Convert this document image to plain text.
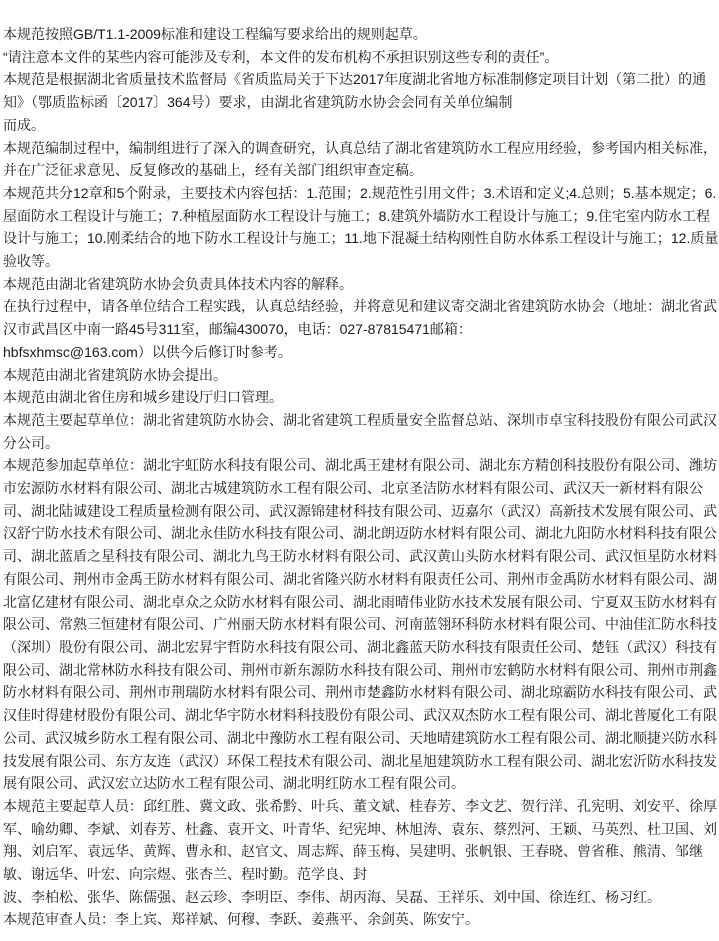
本规范按照GB/T1.1-2009标准和建设工程编写要求给出的规则起草。
“请注意本文件的某些内容可能涉及专利，本文件的发布机构不承担识别这些专利的责任”。
本规范是根据湖北省质量技术监督局《省质监局关于下达2017年度湖北省地方标准制修定项目计划（第二批）的通
知》（鄂质监标函〔2017〕364号）要求，由湖北省建筑防水协会会同有关单位编制
而成。
本规范编制过程中，编制组进行了深入的调查研究，认真总结了湖北省建筑防水工程应用经验，参考国内相关标准，
并在广泛征求意见、反复修改的基础上，经有关部门组织审查定稿。
本规范共分12章和5个附录，主要技术内容包括：1.范围；2.规范性引用文件；3.术语和定义;4.总则；5.基本规定；6.
屋面防水工程设计与施工；7.种植屋面防水工程设计与施工；8.建筑外墙防水工程设计与施工；9.住宅室内防水工程
设计与施工；10.刚柔结合的地下防水工程设计与施工；11.地下混凝土结构刚性自防水体系工程设计与施工；12.质量
验收等。
本规范由湖北省建筑防水协会负责具体技术内容的解释。
在执行过程中，请各单位结合工程实践，认真总结经验，并将意见和建议寄交湖北省建筑防水协会（地址：湖北省武
汉市武昌区中南一路45号311室，邮编430070，电话：027-87815471邮箱：
hbfsxhmsc@163.com）以供今后修订时参考。
本规范由湖北省建筑防水协会提出。
本规范由湖北省住房和城乡建设厅归口管理。
本规范主要起草单位：湖北省建筑防水协会、湖北省建筑工程质量安全监督总站、深圳市卓宝科技股份有限公司武汉
分公司。
本规范参加起草单位：湖北宇虹防水科技有限公司、湖北禹王建材有限公司、湖北东方精创科技股份有限公司、潍坊
市宏源防水材料有限公司、湖北古城建筑防水工程有限公司、北京圣洁防水材料有限公司、武汉天一新材料有限公
司、湖北陆诚建设工程质量检测有限公司、武汉源锦建材科技有限公司、迈嘉尔（武汉）高新技术发展有限公司、武
汉舒宁防水技术有限公司、湖北永佳防水科技有限公司、湖北朗迈防水材料有限公司、湖北九阳防水材料科技有限公
司、湖北蓝盾之星科技有限公司、湖北九鸟王防水材料有限公司、武汉黄山头防水材料有限公司、武汉恒星防水材料
有限公司、荆州市金禹王防水材料有限公司、湖北省隆兴防水材料有限责任公司、荆州市金禹防水材料有限公司、湖
北富亿建材有限公司、湖北卓众之众防水材料有限公司、湖北雨晴伟业防水技术发展有限公司、宁夏双玉防水材料有
限公司、常熟三恒建材有限公司、广州丽天防水材料有限公司、河南蓝翎环科防水材料有限公司、中油佳汇防水科技
（深圳）股份有限公司、湖北宏昇宇哲防水科技有限公司、湖北鑫蓝天防水科技有限责任公司、楚钰（武汉）科技有
限公司、湖北常林防水科技有限公司、荆州市新东源防水科技有限公司、荆州市宏鹤防水材料有限公司、荆州市荆鑫
防水材料有限公司、荆州市荆瑞防水材料有限公司、荆州市楚鑫防水材料有限公司、湖北琼霸防水科技有限公司、武
汉佳时得建材股份有限公司、湖北华宇防水材料科技股份有限公司、武汉双杰防水工程有限公司、湖北普厦化工有限
公司、武汉城乡防水工程有限公司、湖北中豫防水工程有限公司、天地晴建筑防水工程有限公司、湖北顺捷兴防水科
技发展有限公司、东方友连（武汉）环保工程技术有限公司、湖北星旭建筑防水工程有限公司、湖北宏沂防水科技发
展有限公司、武汉宏立达防水工程有限公司、湖北明红防水工程有限公司。
本规范主要起草人员：邱红胜、冀文政、张希黔、叶兵、董文斌、桂春芳、李文艺、贺行洋、孔宪明、刘安平、徐厚
军、喻幼卿、李斌、刘春芳、杜鑫、袁开文、叶青华、纪宪坤、林旭涛、袁东、蔡烈河、王颖、马英烈、杜卫国、刘
翔、刘启军、袁远华、黄辉、曹永和、赵官文、周志辉、薛玉梅、吴建明、张帆银、王春晓、曾省稚、熊清、邹继
敏、谢远华、叶宏、向宗煜、张杏兰、程时勤。范学良、封
波、李柏松、张华、陈儒强、赵云珍、李明臣、李伟、胡丙海、吴磊、王祥乐、刘中国、徐连红、杨习红。
本规范审查人员：李上宾、郑祥斌、何穆、李跃、姜燕平、余剑英、陈安宁。
